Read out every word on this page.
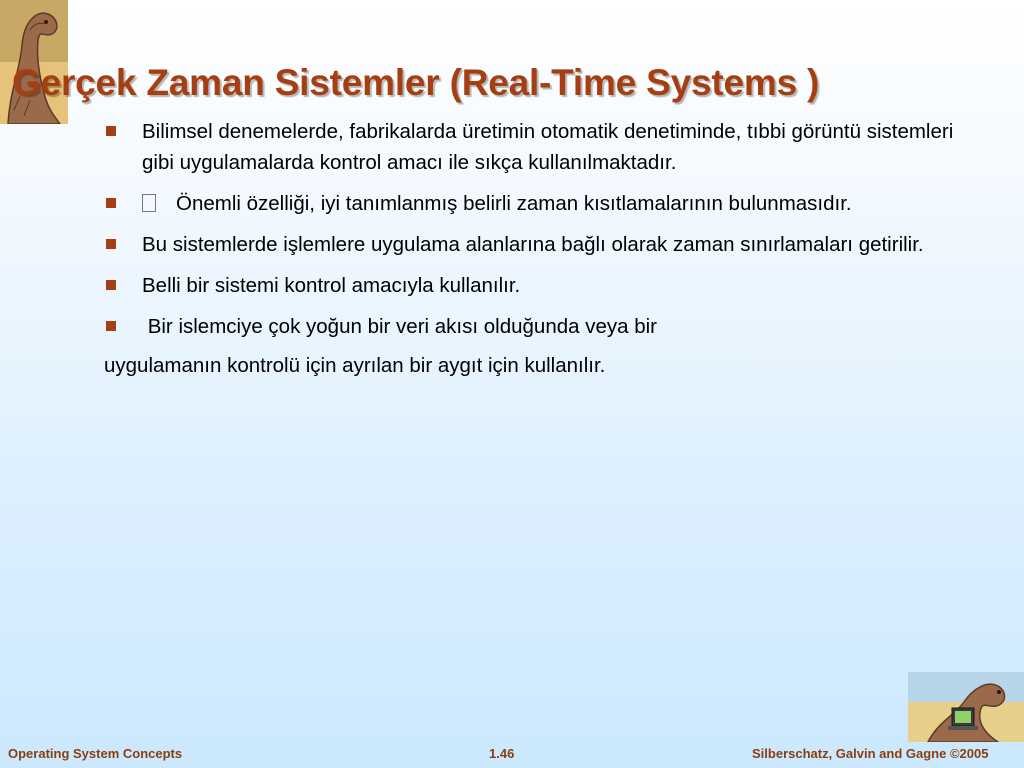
Gerçek Zaman Sistemler (Real-Time Systems )
Bilimsel denemelerde, fabrikalarda üretimin otomatik denetiminde, tıbbi görüntü sistemleri gibi uygulamalarda kontrol amacı ile sıkça kullanılmaktadır.
Önemli özelliği, iyi tanımlanmış belirli zaman kısıtlamalarının bulunmasıdır.
Bu sistemlerde işlemlere uygulama alanlarına bağlı olarak zaman sınırlamaları getirilir.
Belli bir sistemi kontrol amacıyla kullanılır.
Bir islemciye çok yoğun bir veri akısı olduğunda veya bir
uygulamanın kontrolü için ayrılan bir aygıt için kullanılır.
Operating System Concepts	1.46	Silberschatz, Galvin and Gagne ©2005
